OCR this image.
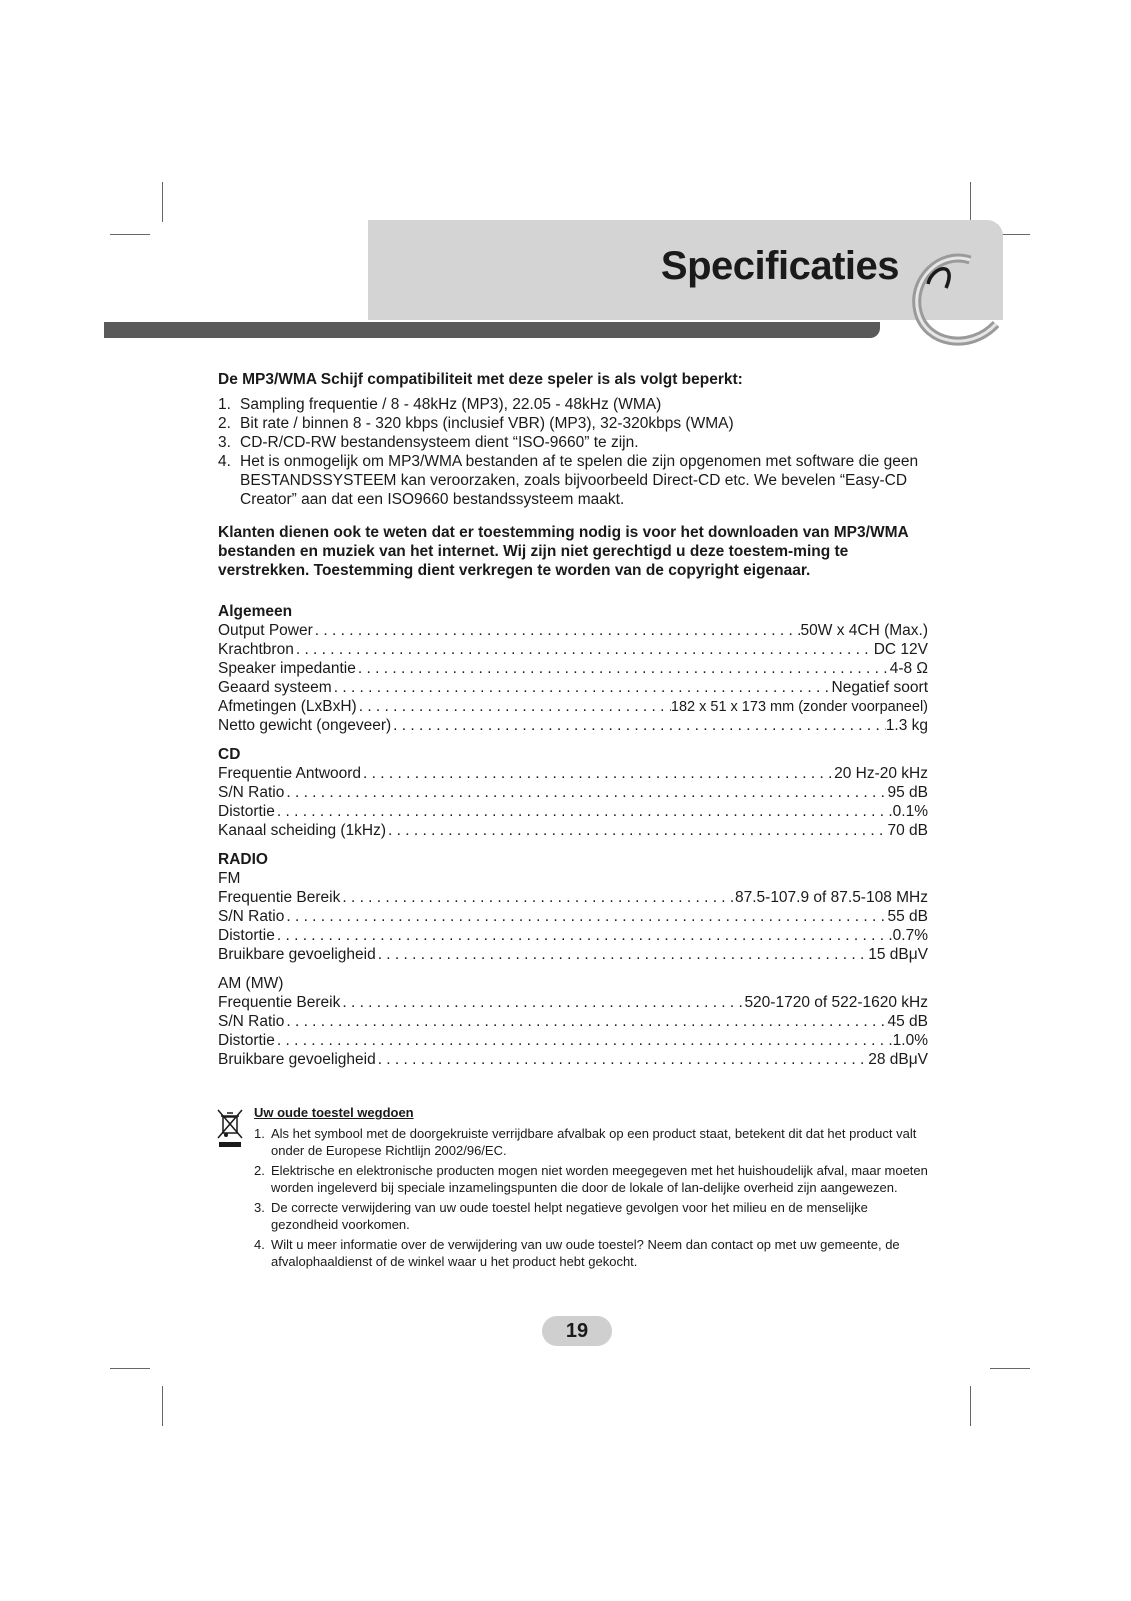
Specificaties

De MP3/WMA Schijf compatibiliteit met deze speler is als volgt beperkt:

1. Sampling frequentie / 8 - 48kHz (MP3), 22.05 - 48kHz (WMA)
2. Bit rate / binnen 8 - 320 kbps (inclusief VBR) (MP3), 32-320kbps (WMA)
3. CD-R/CD-RW bestandensysteem dient “ISO-9660” te zijn.
4. Het is onmogelijk om MP3/WMA bestanden af te spelen die zijn opgenomen met software die geen BESTANDSSYSTEEM kan veroorzaken, zoals bijvoorbeeld Direct-CD etc. We bevelen “Easy-CD Creator” aan dat een ISO9660 bestandssysteem maakt.

Klanten dienen ook te weten dat er toestemming nodig is voor het downloaden van MP3/WMA bestanden en muziek van het internet. Wij zijn niet gerechtigd u deze toestem-ming te verstrekken. Toestemming dient verkregen te worden van de copyright eigenaar.

Algemeen
Output Power . . .	50W x 4CH (Max.)
Krachtbron . . .	DC 12V
Speaker impedantie . . .	4-8 Ω
Geaard systeem . . .	Negatief soort
Afmetingen (LxBxH) . . .	182 x 51 x 173 mm (zonder voorpaneel)
Netto gewicht (ongeveer) . . .	1.3 kg
CD
Frequentie Antwoord . . .	20 Hz-20 kHz
S/N Ratio . . .	95 dB
Distortie . . .	0.1%
Kanaal scheiding (1kHz) . . .	70 dB
RADIO
FM
Frequentie Bereik . . .	87.5-107.9 of 87.5-108 MHz
S/N Ratio . . .	55 dB
Distortie . . .	0.7%
Bruikbare gevoeligheid . . .	15 dBμV
AM (MW)
Frequentie Bereik . . .	520-1720 of 522-1620 kHz
S/N Ratio . . .	45 dB
Distortie . . .	1.0%
Bruikbare gevoeligheid . . .	28 dBμV
Uw oude toestel wegdoen
1. Als het symbool met de doorgekruiste verrijdbare afvalbak op een product staat, betekent dit dat het product valt onder de Europese Richtlijn 2002/96/EC.
2. Elektrische en elektronische producten mogen niet worden meegegeven met het huishoudelijk afval, maar moeten worden ingeleverd bij speciale inzamelingspunten die door de lokale of lan-delijke overheid zijn aangewezen.
3. De correcte verwijdering van uw oude toestel helpt negatieve gevolgen voor het milieu en de menselijke gezondheid voorkomen.
4. Wilt u meer informatie over de verwijdering van uw oude toestel? Neem dan contact op met uw gemeente, de afvalophaaldienst of de winkel waar u het product hebt gekocht.
19
